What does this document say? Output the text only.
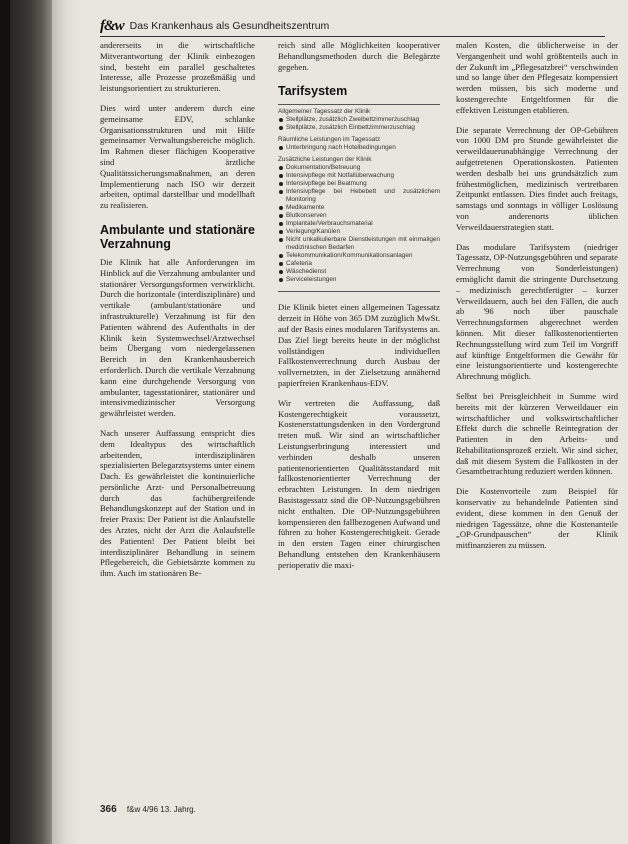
f&w Das Krankenhaus als Gesundheitszentrum

andererseits in die wirtschaftliche Mitverantwortung der Klinik einbezogen sind, besteht ein parallel geschaltetes Interesse, alle Prozesse prozeßmäßig und leistungsorientiert zu strukturieren.

Dies wird unter anderem durch eine gemeinsame EDV, schlanke Organisationsstrukturen und mit Hilfe gemeinsamer Verwaltungsbereiche möglich. Im Rahmen dieser flächigen Kooperative sind ärztliche Qualitätssicherungsmaßnahmen, an deren Implementierung nach ISO wir derzeit arbeiten, optimal darstellbar und modellhaft zu realisieren.

Ambulante und stationäre Verzahnung

Die Klinik hat alle Anforderungen im Hinblick auf die Verzahnung ambulanter und stationärer Versorgungsformen verwirklicht. Durch die horizontale (interdisziplinäre) und vertikale (ambulant/stationäre und infrastrukturelle) Verzahnung ist für den Patienten während des Aufenthalts in der Klinik kein Systemwechsel/Arztwechsel beim Übergang vom niedergelassenen Bereich in den Krankenhausbereich erforderlich. Durch die vertikale Verzahnung kann eine durchgehende Versorgung von ambulanter, tagesstationärer, stationärer und intensivmedizinischer Versorgung gewährleistet werden.

Nach unserer Auffassung entspricht dies dem Idealtypus des wirtschaftlich arbeitenden, interdisziplinären spezialisierten Belegarztsystems unter einem Dach. Es gewährleistet die kontinuierliche persönliche Arzt- und Personalbetreuung durch das fachübergreifende Behandlungskonzept auf der Station und in freier Praxis: Der Patient ist die Anlaufstelle des Arztes, nicht der Arzt die Anlaufstelle des Patienten! Der Patient bleibt bei interdisziplinärer Behandlung in seinem Pflegebereich, die Gebietsärzte kommen zu ihm. Auch im stationären Be-

reich sind alle Möglichkeiten kooperativer Behandlungsmethoden durch die Belegärzte gegeben.

Tarifsystem
Allgemeiner Tagessatz der Klinik
Stellplätze, zusätzlich Zweibettzimmerzuschlag
Stellplätze, zusätzlich Einbettzimmerzuschlag
Räumliche Leistungen im Tagessatz
Unterbringung nach Hotelbedingungen
Zusätzliche Leistungen der Klinik
Dokumentation/Betreuung
Intensivpflege mit Notfallüberwachung
Intensivpflege bei Beatmung
Intensivpflege bei Hebebett und zusätzlichem Monitoring
Medikamente
Blutkonserven
Implantate/Verbrauchsmaterial
Verlegung/Kanülen
Nicht unkalkulierbare Dienstleistungen mit einmaligen medizinischen Bedarfen
Telekommunikation/Kommunikationsanlagen
Cafeteria
Wäschedienst
Serviceleistungen

Die Klinik bietet einen allgemeinen Tagessatz derzeit in Höhe von 365 DM zuzüglich MwSt. auf der Basis eines modularen Tarifsystems an. Das Ziel liegt bereits heute in der möglichst vollständigen individuellen Fallkostenverrechnung durch Ausbau der vollvernetzten, in der Zielsetzung annähernd papierfreien Krankenhaus-EDV.

Wir vertreten die Auffassung, daß Kostengerechtigkeit voraussetzt, Kostenerstattungsdenken in den Vordergrund treten muß. Wir sind an wirtschaftlicher Leistungserbringung interessiert und verbinden deshalb unseren patientenorientierten Qualitätsstandard mit fallkostenorientierter Verrechnung der erbrachten Leistungen. In dem niedrigen Basistagessatz sind die OP-Nutzungsgebühren nicht enthalten. Die OP-Nutzungsgebühren kompensieren den fallbezogenen Aufwand und führen zu hoher Kostengerechtigkeit. Gerade in den ersten Tagen einer chirurgischen Behandlung entstehen den Krankenhäusern perioperativ die maxi-

malen Kosten, die üblicherweise in der Vergangenheit und wohl größtenteils auch in der Zukunft im „Pflegesatzbrei“ verschwinden und so lange über den Pflegesatz kompensiert werden müssen, bis sich moderne und kostengerechte Entgeltformen für die effektiven Leistungen etablieren.

Die separate Verrechnung der OP-Gebühren von 1000 DM pro Stunde gewährleistet die verweildauerunabhängige Verrechnung der aufgetretenen Operationskosten. Patienten werden deshalb bei uns grundsätzlich zum frühestmöglichen, medizinisch vertretbaren Zeitpunkt entlassen. Dies findet auch freitags, samstags und sonntags in völliger Loslösung von anderenorts üblichen Verweildauerstrategien statt.

Das modulare Tarifsystem (niedriger Tagessatz, OP-Nutzungsgebühren und separate Verrechnung von Sonderleistungen) ermöglicht damit die stringente Durchsetzung – medizinisch gerechtfertigter – kurzer Verweildauern, auch bei den Fällen, die auch ab '96 noch über pauschale Verrechnungsformen abgerechnet werden können. Mit dieser fallkostenorientierten Rechnungsstellung wird zum Teil im Vorgriff auf künftige Entgeltformen die Gewähr für eine leistungsorientierte und kostengerechte Abrechnung möglich.

Selbst bei Preisgleichheit in Summe wird bereits mit der kürzeren Verweildauer ein wirtschaftlicher und volkswirtschaftlicher Effekt durch die schnelle Reintegration der Patienten in den Arbeits- und Rehabilitationsprozeß erzielt. Wir sind sicher, daß mit diesem System die Fallkosten in der Gesamtbetrachtung reduziert werden können.

Die Kostenvorteile zum Beispiel für konservativ zu behandelnde Patienten sind evident, diese kommen in den Genuß der niedrigen Tagessätze, ohne die Kostenanteile „OP-Grundpauschen“ der Klinik mitfinanzieren zu müssen.

366 f&w 4/96 13. Jahrg.
